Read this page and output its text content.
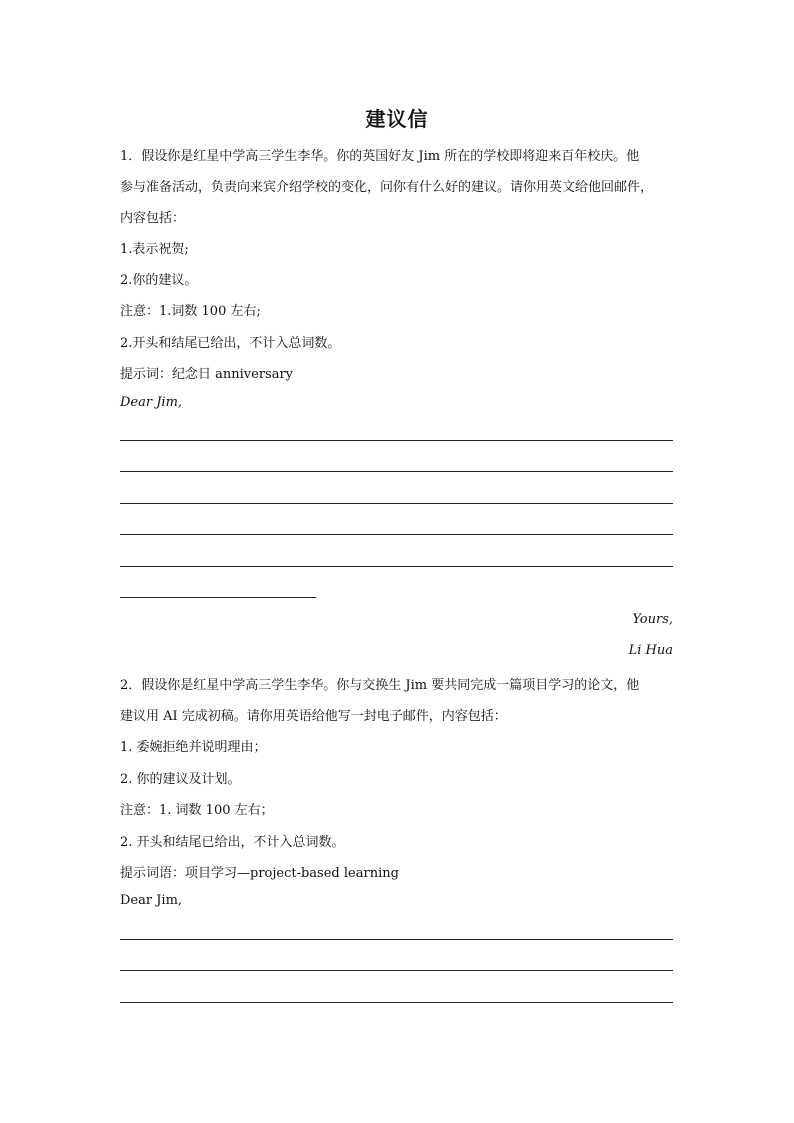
建议信
1．假设你是红星中学高三学生李华。你的英国好友 Jim 所在的学校即将迎来百年校庆。他
参与准备活动，负责向来宾介绍学校的变化，问你有什么好的建议。请你用英文给他回邮件，
内容包括：
1.表示祝贺;
2.你的建议。
注意：1.词数 100 左右;
2.开头和结尾已给出，不计入总词数。
提示词：纪念日 anniversary
Dear Jim,
Yours,
Li Hua
2．假设你是红星中学高三学生李华。你与交换生 Jim 要共同完成一篇项目学习的论文，他
建议用 AI 完成初稿。请你用英语给他写一封电子邮件，内容包括：
1. 委婉拒绝并说明理由；
2. 你的建议及计划。
注意：1. 词数 100 左右；
2. 开头和结尾已给出，不计入总词数。
提示词语：项目学习—project-based learning
Dear Jim,
